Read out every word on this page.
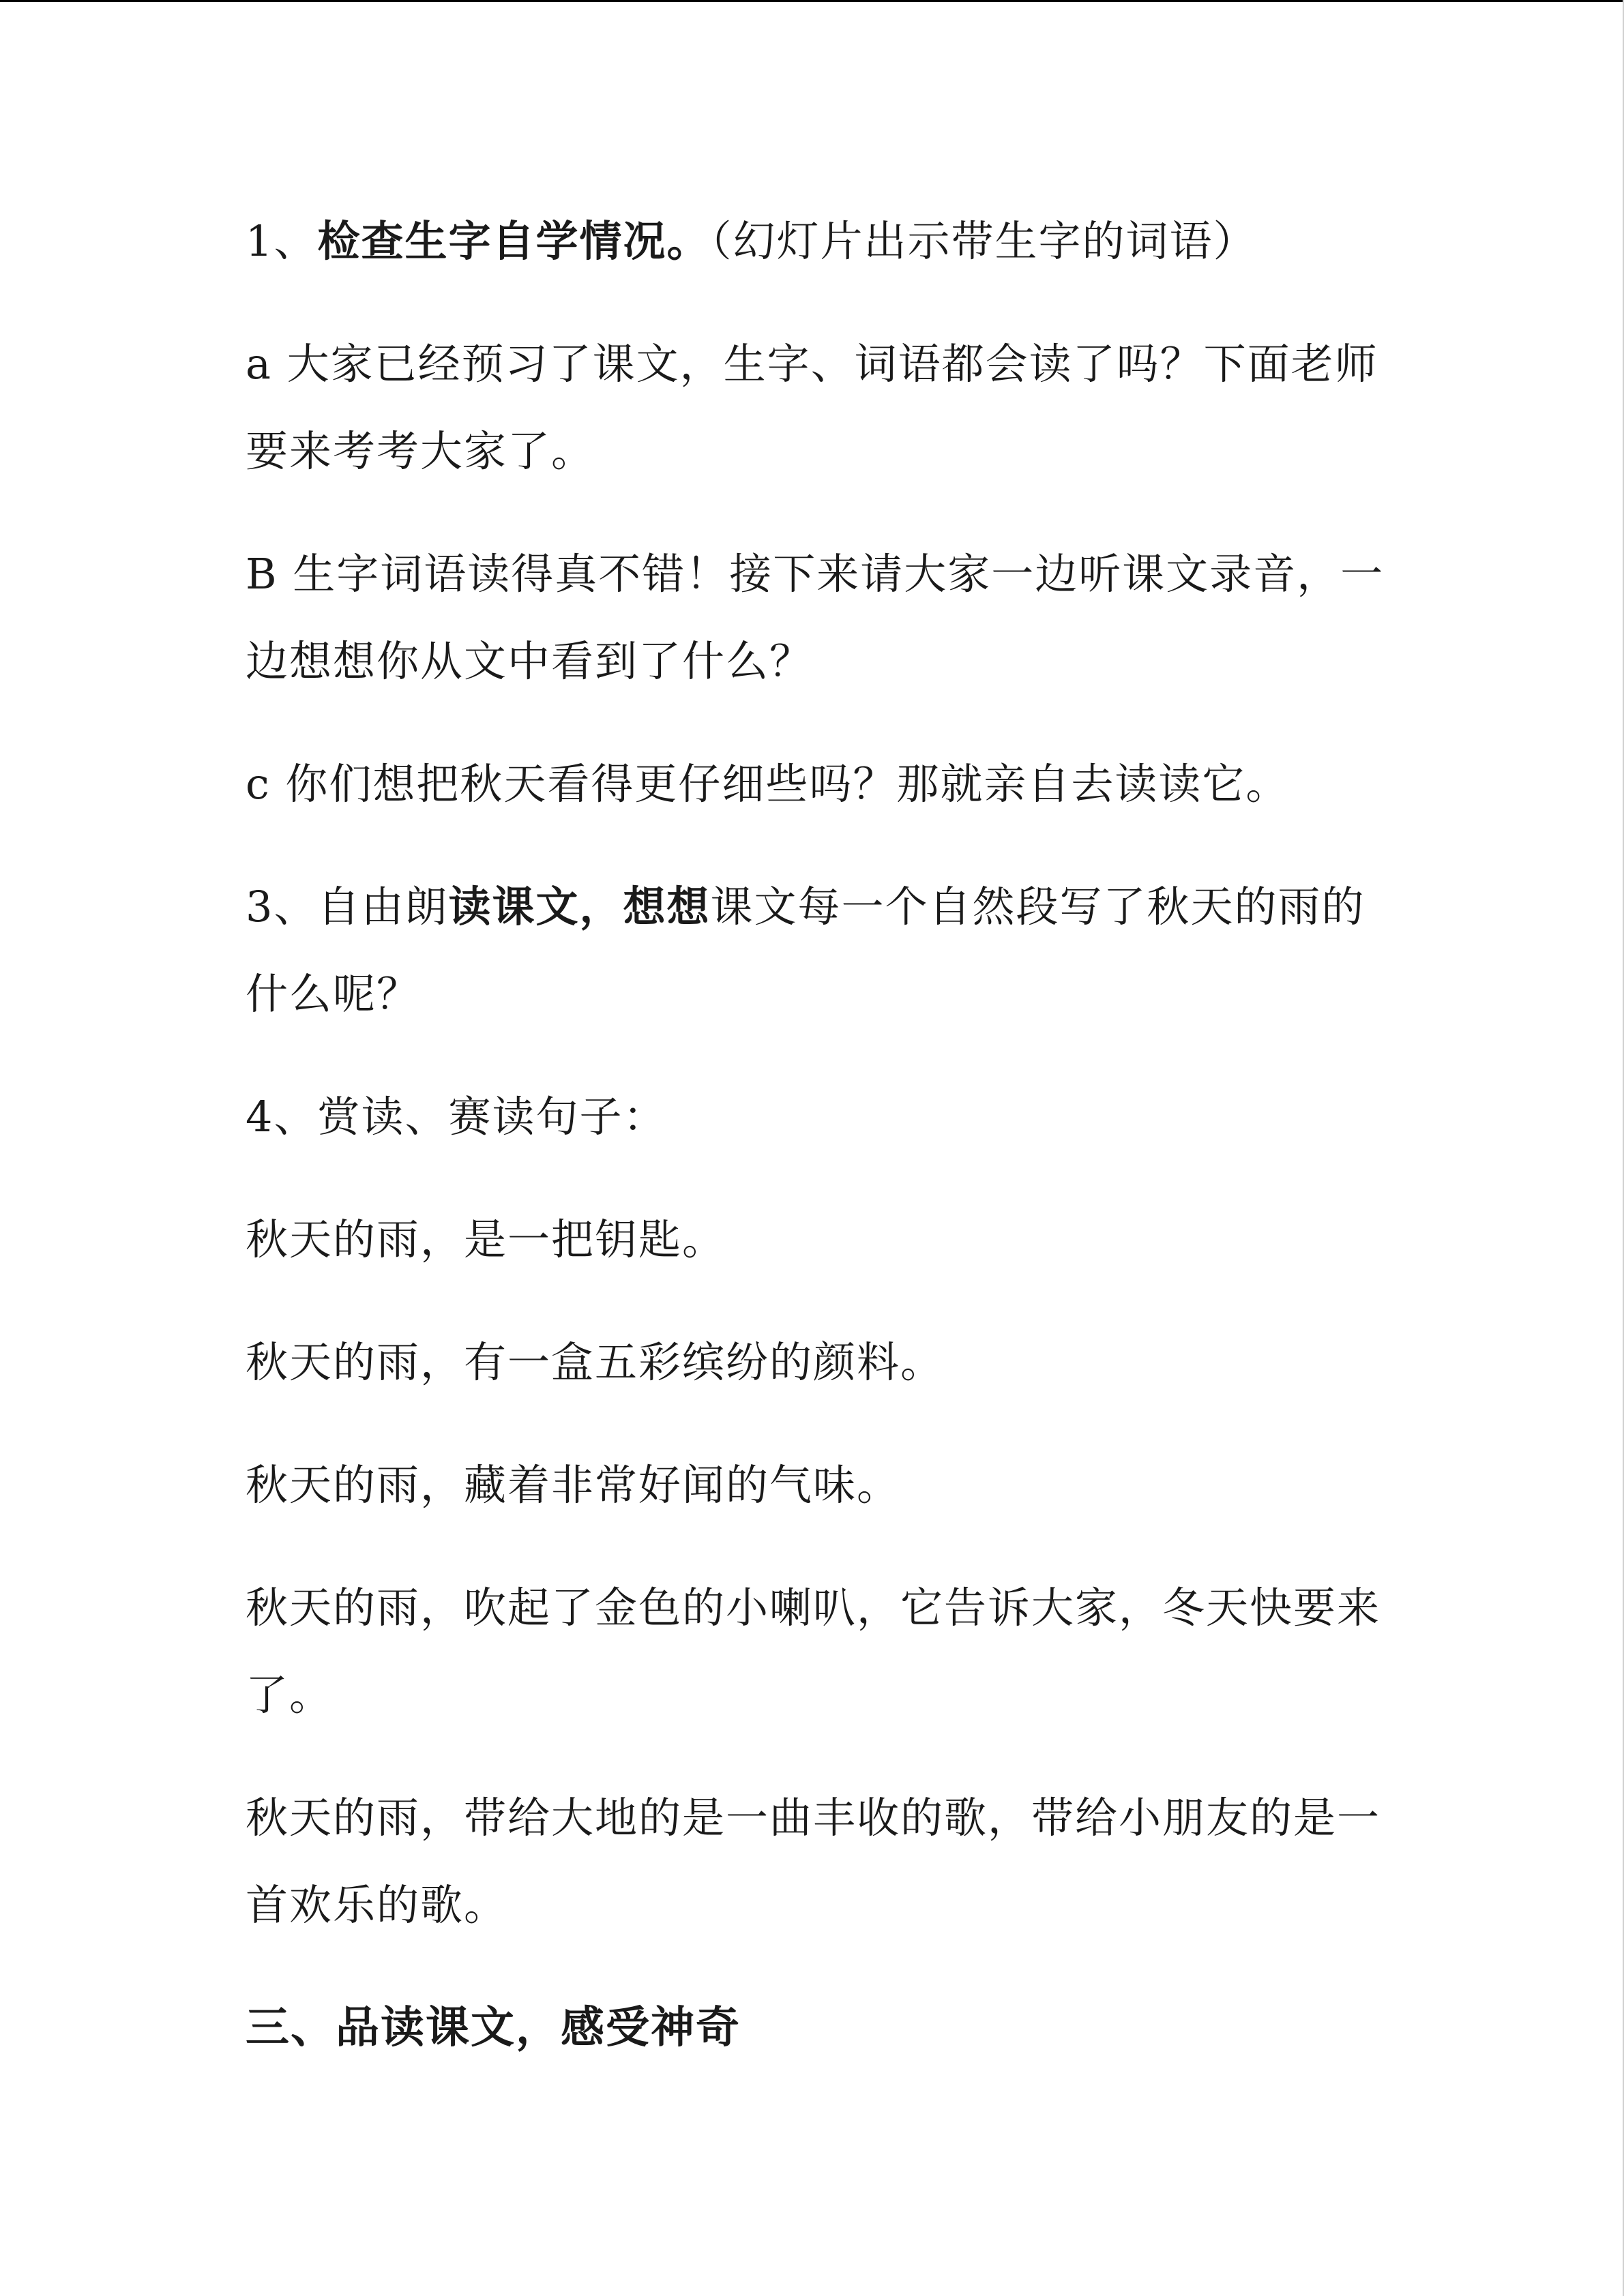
1、检查生字自学情况。（幻灯片出示带生字的词语）

a 大家已经预习了课文，生字、词语都会读了吗？下面老师要来考考大家了。

B 生字词语读得真不错！接下来请大家一边听课文录音，一边想想你从文中看到了什么？

c 你们想把秋天看得更仔细些吗？那就亲自去读读它。

3、自由朗读课文，想想课文每一个自然段写了秋天的雨的什么呢？

4、赏读、赛读句子：

秋天的雨，是一把钥匙。

秋天的雨，有一盒五彩缤纷的颜料。

秋天的雨，藏着非常好闻的气味。

秋天的雨，吹起了金色的小喇叭，它告诉大家，冬天快要来了。

秋天的雨，带给大地的是一曲丰收的歌，带给小朋友的是一首欢乐的歌。

三、品读课文，感受神奇
